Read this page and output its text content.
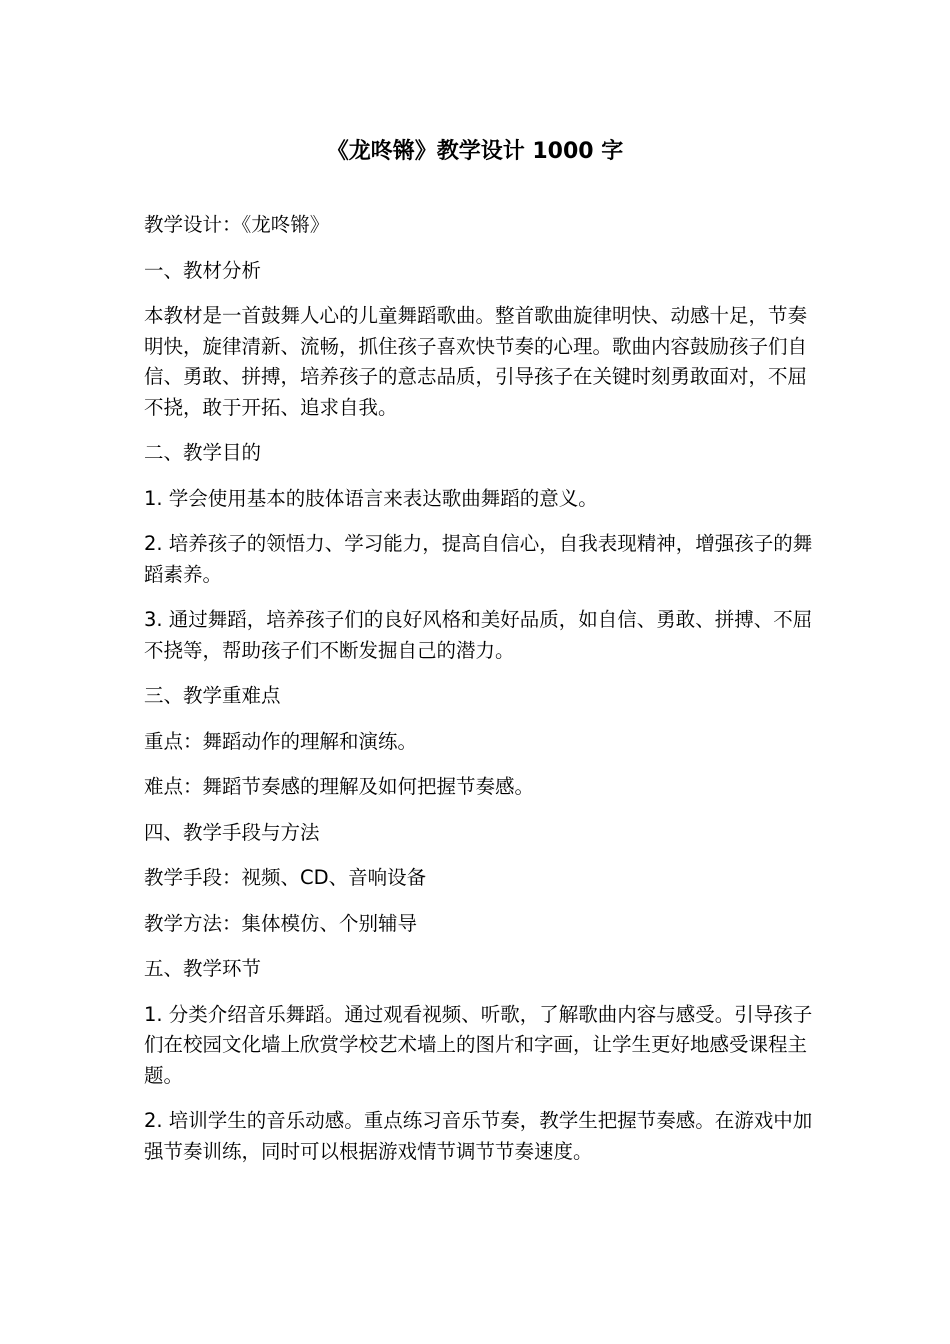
《龙咚锵》教学设计 1000 字

教学设计：《龙咚锵》

一、教材分析

本教材是一首鼓舞人心的儿童舞蹈歌曲。整首歌曲旋律明快、动感十足，节奏明快，旋律清新、流畅，抓住孩子喜欢快节奏的心理。歌曲内容鼓励孩子们自信、勇敢、拼搏，培养孩子的意志品质，引导孩子在关键时刻勇敢面对，不屈不挠，敢于开拓、追求自我。

二、教学目的

1. 学会使用基本的肢体语言来表达歌曲舞蹈的意义。

2. 培养孩子的领悟力、学习能力，提高自信心，自我表现精神，增强孩子的舞蹈素养。

3. 通过舞蹈，培养孩子们的良好风格和美好品质，如自信、勇敢、拼搏、不屈不挠等，帮助孩子们不断发掘自己的潜力。

三、教学重难点

重点：舞蹈动作的理解和演练。

难点：舞蹈节奏感的理解及如何把握节奏感。

四、教学手段与方法

教学手段：视频、CD、音响设备

教学方法：集体模仿、个别辅导

五、教学环节

1. 分类介绍音乐舞蹈。通过观看视频、听歌，了解歌曲内容与感受。引导孩子们在校园文化墙上欣赏学校艺术墙上的图片和字画，让学生更好地感受课程主题。

2. 培训学生的音乐动感。重点练习音乐节奏，教学生把握节奏感。在游戏中加强节奏训练，同时可以根据游戏情节调节节奏速度。
